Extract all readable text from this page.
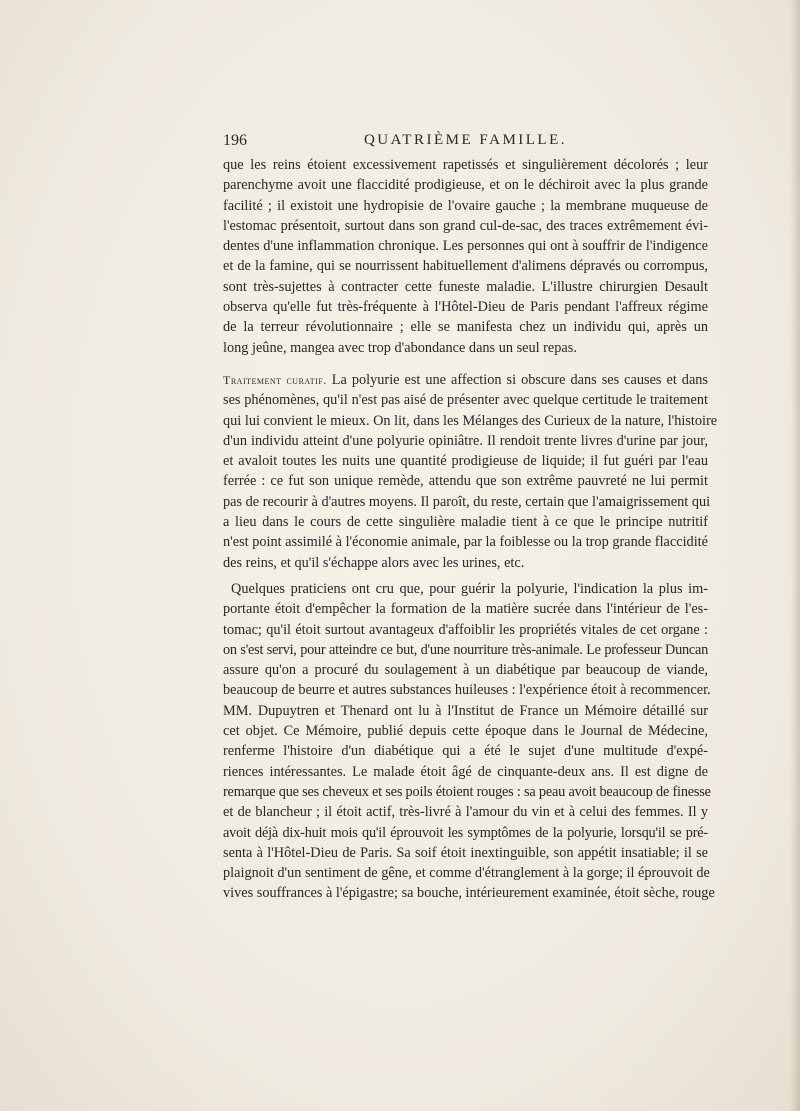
196	QUATRIÈME FAMILLE.
que les reins étoient excessivement rapetissés et singulièrement décolorés ; leur
parenchyme avoit une flaccidité prodigieuse, et on le déchiroit avec la plus grande
facilité ; il existoit une hydropisie de l'ovaire gauche ; la membrane muqueuse de
l'estomac présentoit, surtout dans son grand cul-de-sac, des traces extrêmement évi-
dentes d'une inflammation chronique. Les personnes qui ont à souffrir de l'indigence
et de la famine, qui se nourrissent habituellement d'alimens dépravés ou corrompus,
sont très-sujettes à contracter cette funeste maladie. L'illustre chirurgien Desault
observa qu'elle fut très-fréquente à l'Hôtel-Dieu de Paris pendant l'affreux régime
de la terreur révolutionnaire ; elle se manifesta chez un individu qui, après un
long jeûne, mangea avec trop d'abondance dans un seul repas.
Traitement curatif. La polyurie est une affection si obscure dans ses causes et dans
ses phénomènes, qu'il n'est pas aisé de présenter avec quelque certitude le traitement
qui lui convient le mieux. On lit, dans les Mélanges des Curieux de la nature, l'histoire
d'un individu atteint d'une polyurie opiniâtre. Il rendoit trente livres d'urine par jour,
et avaloit toutes les nuits une quantité prodigieuse de liquide; il fut guéri par l'eau
ferrée : ce fut son unique remède, attendu que son extrême pauvreté ne lui permit
pas de recourir à d'autres moyens. Il paroît, du reste, certain que l'amaigrissement qui
a lieu dans le cours de cette singulière maladie tient à ce que le principe nutritif
n'est point assimilé à l'économie animale, par la foiblesse ou la trop grande flaccidité
des reins, et qu'il s'échappe alors avec les urines, etc.
Quelques praticiens ont cru que, pour guérir la polyurie, l'indication la plus im-
portante étoit d'empêcher la formation de la matière sucrée dans l'intérieur de l'es-
tomac; qu'il étoit surtout avantageux d'affoiblir les propriétés vitales de cet organe :
on s'est servi, pour atteindre ce but, d'une nourriture très-animale. Le professeur Duncan
assure qu'on a procuré du soulagement à un diabétique par beaucoup de viande,
beaucoup de beurre et autres substances huileuses : l'expérience étoit à recommencer.
MM. Dupuytren et Thenard ont lu à l'Institut de France un Mémoire détaillé sur
cet objet. Ce Mémoire, publié depuis cette époque dans le Journal de Médecine,
renferme l'histoire d'un diabétique qui a été le sujet d'une multitude d'expé-
riences intéressantes. Le malade étoit âgé de cinquante-deux ans. Il est digne de
remarque que ses cheveux et ses poils étoient rouges : sa peau avoit beaucoup de finesse
et de blancheur ; il étoit actif, très-livré à l'amour du vin et à celui des femmes. Il y
avoit déjà dix-huit mois qu'il éprouvoit les symptômes de la polyurie, lorsqu'il se pré-
senta à l'Hôtel-Dieu de Paris. Sa soif étoit inextinguible, son appétit insatiable; il se
plaignoit d'un sentiment de gêne, et comme d'étranglement à la gorge; il éprouvoit de
vives souffrances à l'épigastre; sa bouche, intérieurement examinée, étoit sèche, rouge
